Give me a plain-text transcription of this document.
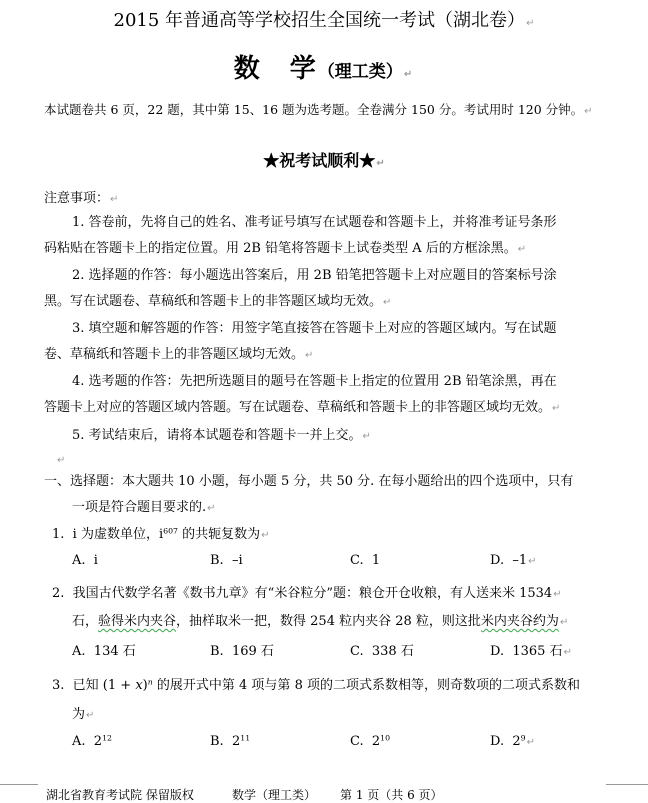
2015 年普通高等学校招生全国统一考试（湖北卷）↵
数　学（理工类）↵
本试题卷共 6 页，22 题，其中第 15、16 题为选考题。全卷满分 150 分。考试用时 120 分钟。↵
★祝考试顺利★↵
注意事项：↵
1. 答卷前，先将自己的姓名、准考证号填写在试题卷和答题卡上，并将准考证号条形
码粘贴在答题卡上的指定位置。用 2B 铅笔将答题卡上试卷类型 A 后的方框涂黑。↵
2. 选择题的作答：每小题选出答案后，用 2B 铅笔把答题卡上对应题目的答案标号涂
黑。写在试题卷、草稿纸和答题卡上的非答题区域均无效。↵
3. 填空题和解答题的作答：用签字笔直接答在答题卡上对应的答题区域内。写在试题
卷、草稿纸和答题卡上的非答题区域均无效。↵
4. 选考题的作答：先把所选题目的题号在答题卡上指定的位置用 2B 铅笔涂黑，再在
答题卡上对应的答题区域内答题。写在试题卷、草稿纸和答题卡上的非答题区域均无效。↵
5. 考试结束后，请将本试题卷和答题卡一并上交。↵
↵
一、选择题：本大题共 10 小题，每小题 5 分，共 50 分. 在每小题给出的四个选项中，只有
一项是符合题目要求的.↵
1. i 为虚数单位，$i^{607}$ 的共轭复数为↵
A. i	B. –i	C. 1	D. –1↵
2. 我国古代数学名著《数书九章》有“米谷粒分”题：粮仓开仓收粮，有人送来米 1534↵
石，验得米内夹谷，抽样取米一把，数得 254 粒内夹谷 28 粒，则这批米内夹谷约为↵
A. 134 石	B. 169 石	C. 338 石	D. 1365 石↵
3. 已知 $(1 + x)^n$ 的展开式中第 4 项与第 8 项的二项式系数相等，则奇数项的二项式系数和
为↵
A. $2^{12}$	B. $2^{11}$	C. $2^{10}$	D. $2^9↵$
湖北省教育考试院 保留版权	数学（理工类） 第 1 页（共 6 页）
